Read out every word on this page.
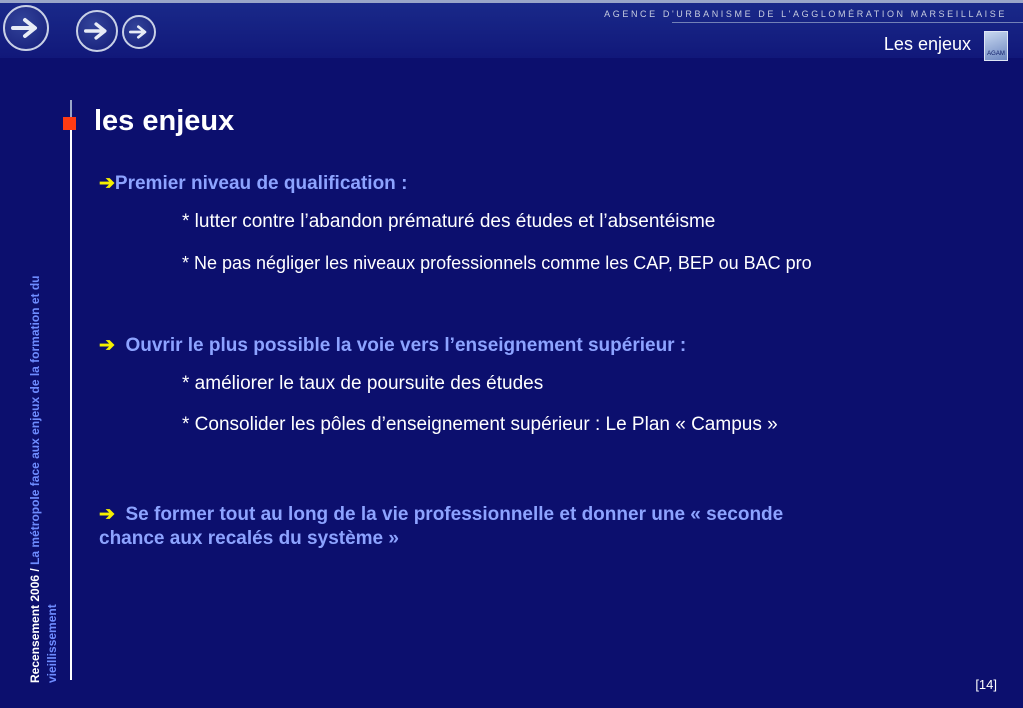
AGENCE D'URBANISME DE L'AGGLOMÉRATION MARSEILLAISE
Les enjeux	AGAM
Recensement 2006 / La métropole face aux enjeux de la formation et du
vieillissement
les enjeux
➔Premier niveau de qualification :
* lutter contre l’abandon prématuré des études et l’absentéisme
* Ne pas négliger les niveaux professionnels comme les CAP, BEP ou BAC pro
➔ Ouvrir le plus possible la voie vers l’enseignement supérieur :
* améliorer le taux de poursuite des études
* Consolider les pôles d’enseignement supérieur : Le Plan « Campus »
➔ Se former tout au long de la vie professionnelle et donner une « seconde
chance aux recalés du système »
[14]
